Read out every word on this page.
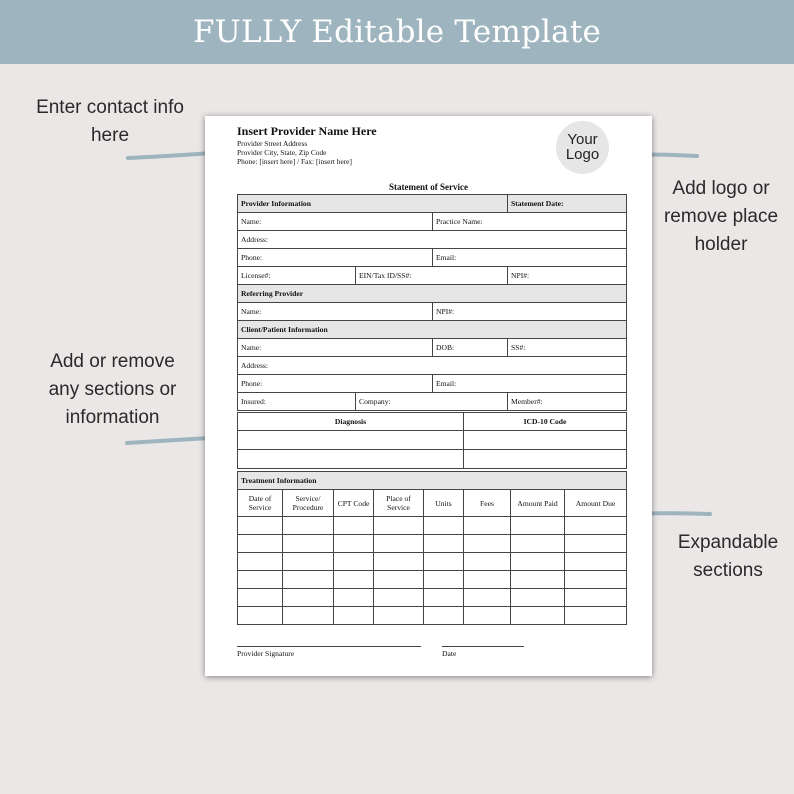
FULLY Editable Template
Enter contact info
here
Add logo or
remove place
holder
Add or remove
any sections or
information
Expandable
sections
Insert Provider Name Here
Provider Street Address
Provider City, State, Zip Code
Phone: [insert here] / Fax: [insert here]
Your
Logo
Statement of Service
Provider Information			Statement Date:
Name:		Practice Name:	
Address:			
Phone:		Email:	
License#:	EIN/Tax ID/SS#:		NPI#:
Referring Provider			
Name:		NPI#:	
Client/Patient Information			
Name:		DOB:	SS#:
Address:			
Phone:		Email:	
Insured:	Company:		Member#:
Diagnosis	ICD-10 Code

Treatment Information							
Date of Service	Service/ Procedure	CPT Code	Place of Service	Units	Fees	Amount Paid	Amount Due

Provider Signature	Date
